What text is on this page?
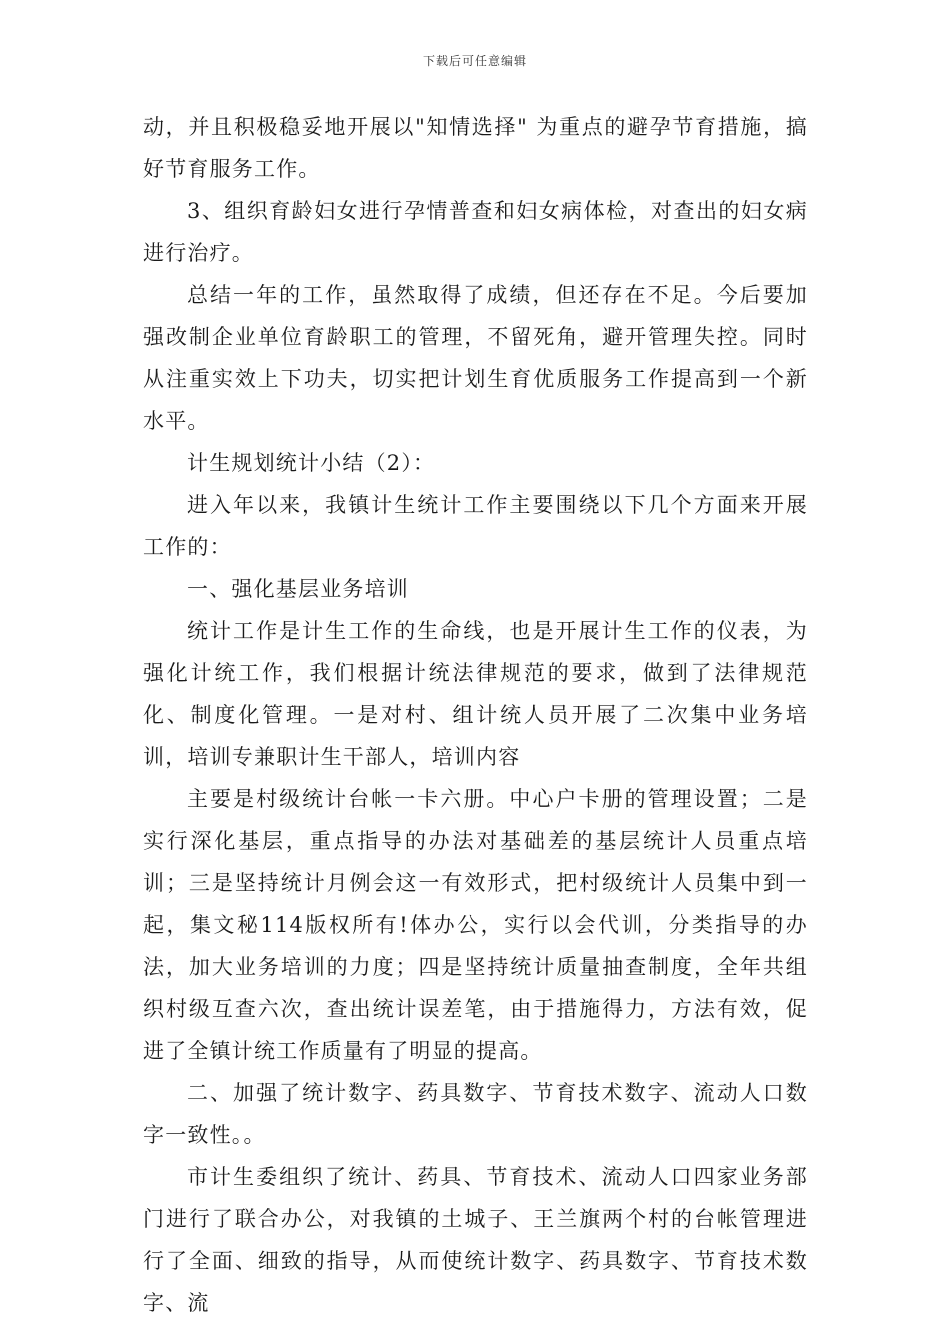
下载后可任意编辑

动，并且积极稳妥地开展以"知情选择" 为重点的避孕节育措施，搞好节育服务工作。

3、组织育龄妇女进行孕情普查和妇女病体检，对查出的妇女病进行治疗。

总结一年的工作，虽然取得了成绩，但还存在不足。今后要加强改制企业单位育龄职工的管理，不留死角，避开管理失控。同时从注重实效上下功夫，切实把计划生育优质服务工作提高到一个新水平。

计生规划统计小结（2）：

进入年以来，我镇计生统计工作主要围绕以下几个方面来开展工作的：

一、强化基层业务培训

统计工作是计生工作的生命线，也是开展计生工作的仪表，为强化计统工作，我们根据计统法律规范的要求，做到了法律规范化、制度化管理。一是对村、组计统人员开展了二次集中业务培训，培训专兼职计生干部人，培训内容

主要是村级统计台帐一卡六册。中心户卡册的管理设置；二是实行深化基层，重点指导的办法对基础差的基层统计人员重点培训；三是坚持统计月例会这一有效形式，把村级统计人员集中到一起，集文秘114版权所有!体办公，实行以会代训，分类指导的办法，加大业务培训的力度；四是坚持统计质量抽查制度，全年共组织村级互查六次，查出统计误差笔，由于措施得力，方法有效，促进了全镇计统工作质量有了明显的提高。

二、加强了统计数字、药具数字、节育技术数字、流动人口数字一致性。。

市计生委组织了统计、药具、节育技术、流动人口四家业务部门进行了联合办公，对我镇的土城子、王兰旗两个村的台帐管理进行了全面、细致的指导，从而使统计数字、药具数字、节育技术数字、流
